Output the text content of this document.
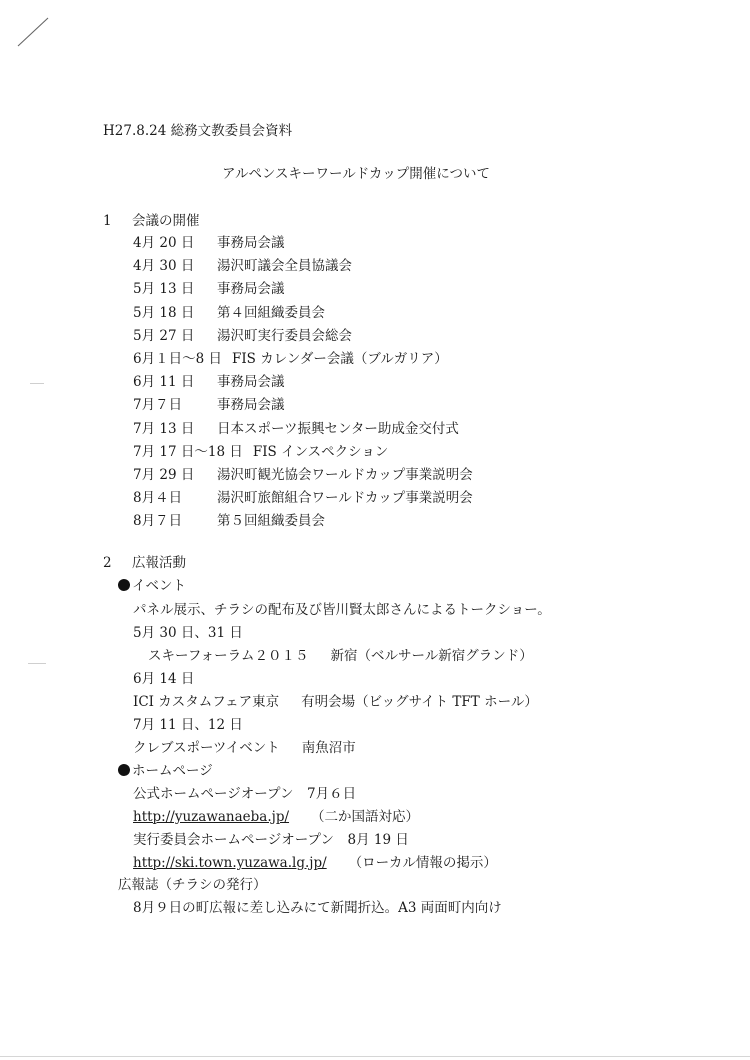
H27.8.24 総務文教委員会資料
アルペンスキーワールドカップ開催について
1 会議の開催
4月 20 日 事務局会議
4月 30 日 湯沢町議会全員協議会
5月 13 日 事務局会議
5月 18 日 第４回組織委員会
5月 27 日 湯沢町実行委員会総会
6月１日〜8 日 FIS カレンダー会議（ブルガリア）
6月 11 日 事務局会議
7月７日	事務局会議
7月 13 日 日本スポーツ振興センター助成金交付式
7月 17 日〜18 日 FIS インスペクション
7月 29 日 湯沢町観光協会ワールドカップ事業説明会
8月４日	湯沢町旅館組合ワールドカップ事業説明会
8月７日	第５回組織委員会
2 広報活動
イベント
パネル展示、チラシの配布及び皆川賢太郎さんによるトークショー。
5月 30 日、31 日
スキーフォーラム２０１５ 新宿（ベルサール新宿グランド）
6月 14 日
ICI カスタムフェア東京 有明会場（ビッグサイト TFT ホール）
7月 11 日、12 日
クレブスポーツイベント 南魚沼市
ホームページ
公式ホームページオープン　7月６日
http://yuzawanaeba.jp/ （二か国語対応）
実行委員会ホームページオープン　8月 19 日
http://ski.town.yuzawa.lg.jp/ （ローカル情報の掲示）
広報誌（チラシの発行）
8月９日の町広報に差し込みにて新聞折込。A3 両面町内向け
